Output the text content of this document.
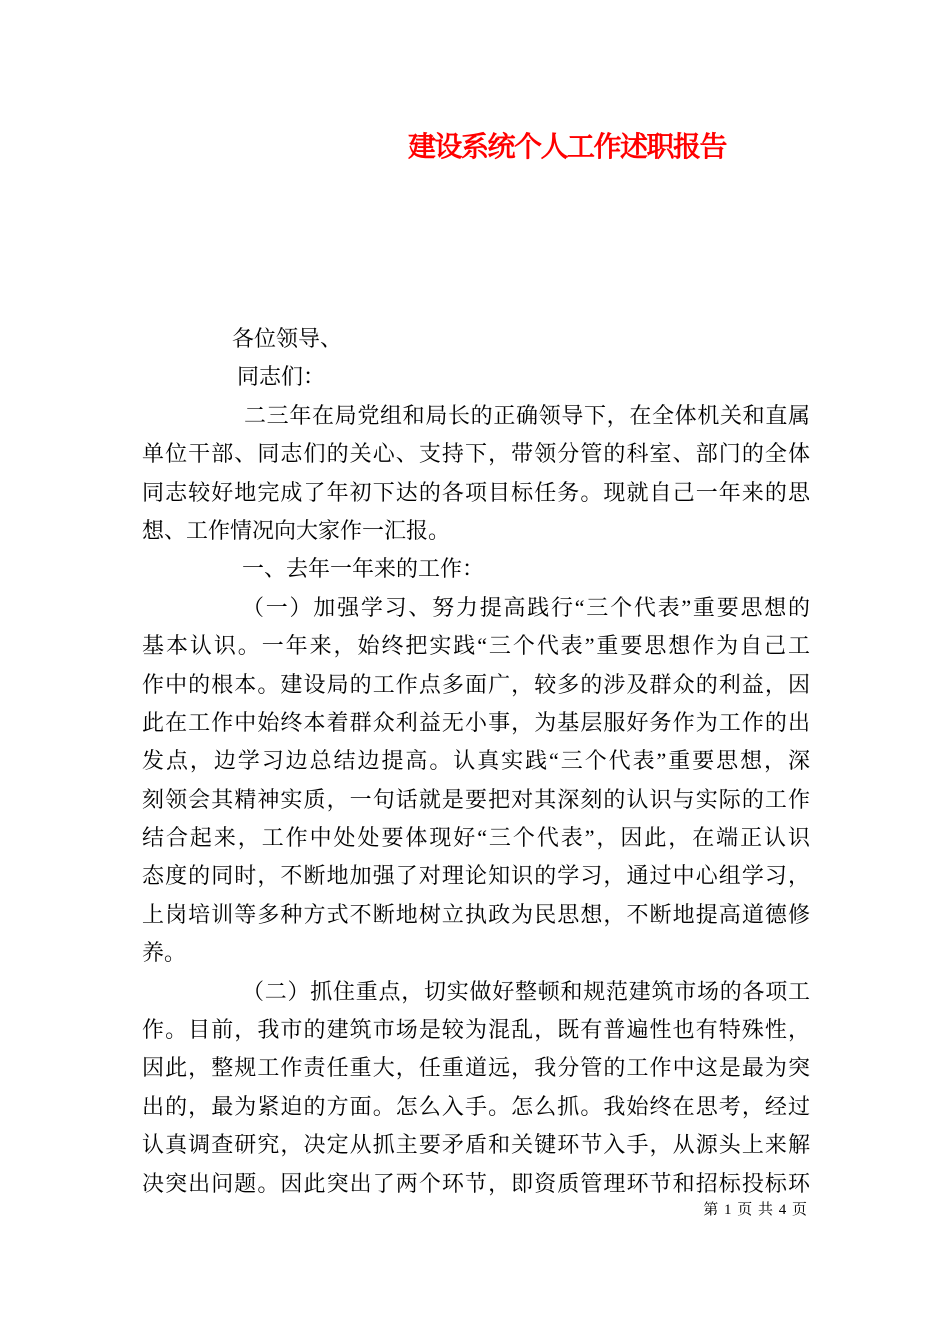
建设系统个人工作述职报告
各位领导、
同志们：
二三年在局党组和局长的正确领导下，在全体机关和直属
单位干部、同志们的关心、支持下，带领分管的科室、部门的全体
同志较好地完成了年初下达的各项目标任务。现就自己一年来的思
想、工作情况向大家作一汇报。
一、去年一年来的工作：
（一）加强学习、努力提高践行“三个代表”重要思想的
基本认识。一年来，始终把实践“三个代表”重要思想作为自己工
作中的根本。建设局的工作点多面广，较多的涉及群众的利益，因
此在工作中始终本着群众利益无小事，为基层服好务作为工作的出
发点，边学习边总结边提高。认真实践“三个代表”重要思想，深
刻领会其精神实质，一句话就是要把对其深刻的认识与实际的工作
结合起来，工作中处处要体现好“三个代表”，因此，在端正认识
态度的同时，不断地加强了对理论知识的学习，通过中心组学习，
上岗培训等多种方式不断地树立执政为民思想，不断地提高道德修
养。
（二）抓住重点，切实做好整顿和规范建筑市场的各项工
作。目前，我市的建筑市场是较为混乱，既有普遍性也有特殊性，
因此，整规工作责任重大，任重道远，我分管的工作中这是最为突
出的，最为紧迫的方面。怎么入手。怎么抓。我始终在思考，经过
认真调查研究，决定从抓主要矛盾和关键环节入手，从源头上来解
决突出问题。因此突出了两个环节，即资质管理环节和招标投标环
第 1 页 共 4 页
